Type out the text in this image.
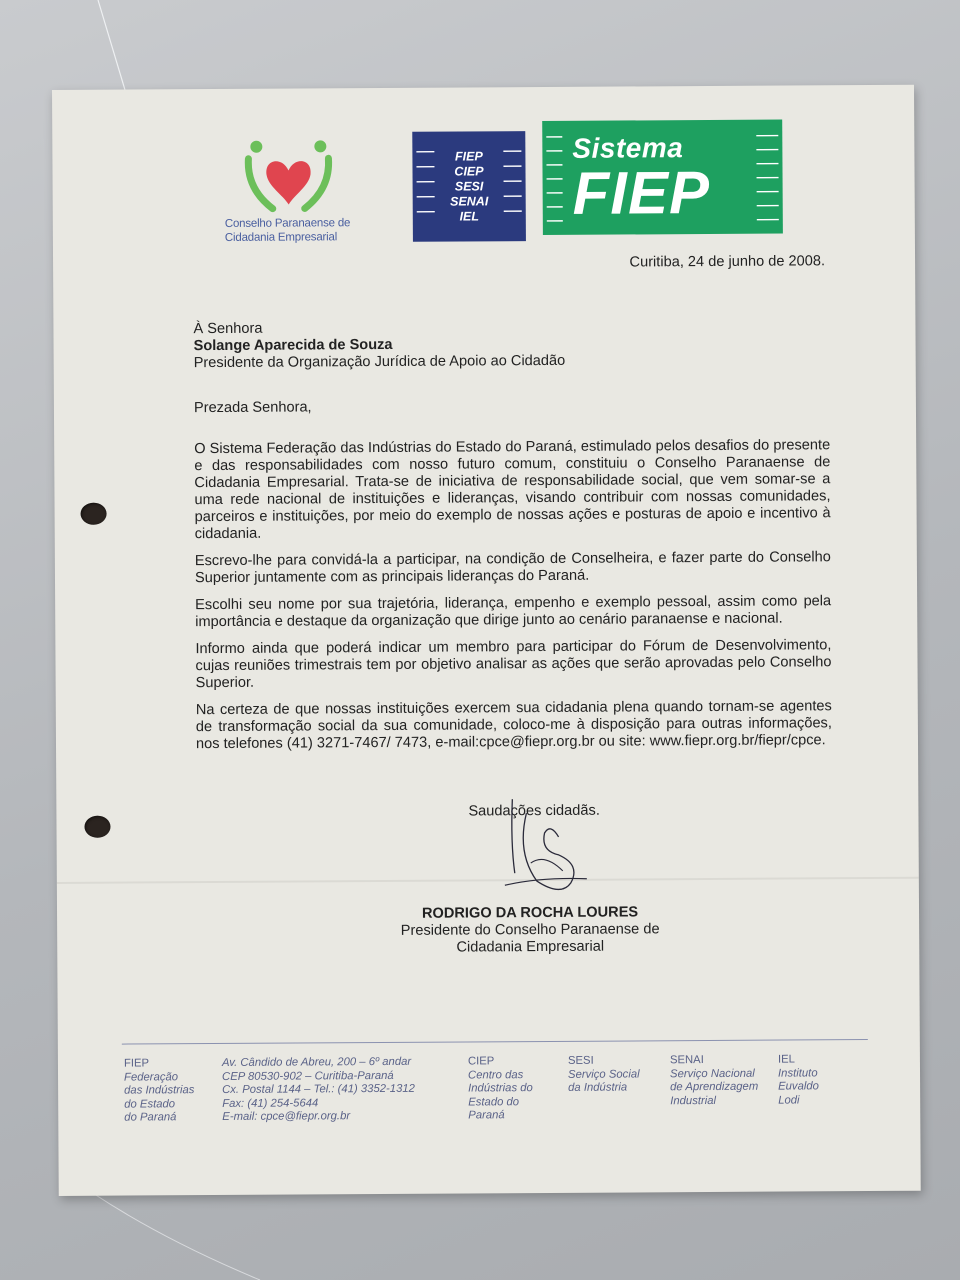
Conselho Paranaense de
Cidadania Empresarial
FIEP
CIEP
SESI
SENAI
IEL
Sistema
FIEP
Curitiba, 24 de junho de 2008.
À Senhora
Solange Aparecida de Souza
Presidente da Organização Jurídica de Apoio ao Cidadão
Prezada Senhora,

O Sistema Federação das Indústrias do Estado do Paraná, estimulado pelos desafios do presente e das responsabilidades com nosso futuro comum, constituiu o Conselho Paranaense de Cidadania Empresarial. Trata-se de iniciativa de responsabilidade social, que vem somar-se a uma rede nacional de instituições e lideranças, visando contribuir com nossas comunidades, parceiros e instituições, por meio do exemplo de nossas ações e posturas de apoio e incentivo à cidadania.

Escrevo-lhe para convidá-la a participar, na condição de Conselheira, e fazer parte do Conselho Superior juntamente com as principais lideranças do Paraná.

Escolhi seu nome por sua trajetória, liderança, empenho e exemplo pessoal, assim como pela importância e destaque da organização que dirige junto ao cenário paranaense e nacional.

Informo ainda que poderá indicar um membro para participar do Fórum de Desenvolvimento, cujas reuniões trimestrais tem por objetivo analisar as ações que serão aprovadas pelo Conselho Superior.

Na certeza de que nossas instituições exercem sua cidadania plena quando tornam-se agentes de transformação social da sua comunidade, coloco-me à disposição para outras informações, nos telefones (41) 3271-7467/ 7473, e-mail:cpce@fiepr.org.br ou site: www.fiepr.org.br/fiepr/cpce.

Saudações cidadãs.
RODRIGO DA ROCHA LOURES
Presidente do Conselho Paranaense de
Cidadania Empresarial
FIEP
Federação
das Indústrias
do Estado
do Paraná
Av. Cândido de Abreu, 200 – 6º andar
CEP 80530-902 – Curitiba-Paraná
Cx. Postal 1144 – Tel.: (41) 3352-1312
Fax: (41) 254-5644
E-mail: cpce@fiepr.org.br
CIEP
Centro das
Indústrias do
Estado do
Paraná
SESI
Serviço Social
da Indústria
SENAI
Serviço Nacional
de Aprendizagem
Industrial
IEL
Instituto
Euvaldo
Lodi
